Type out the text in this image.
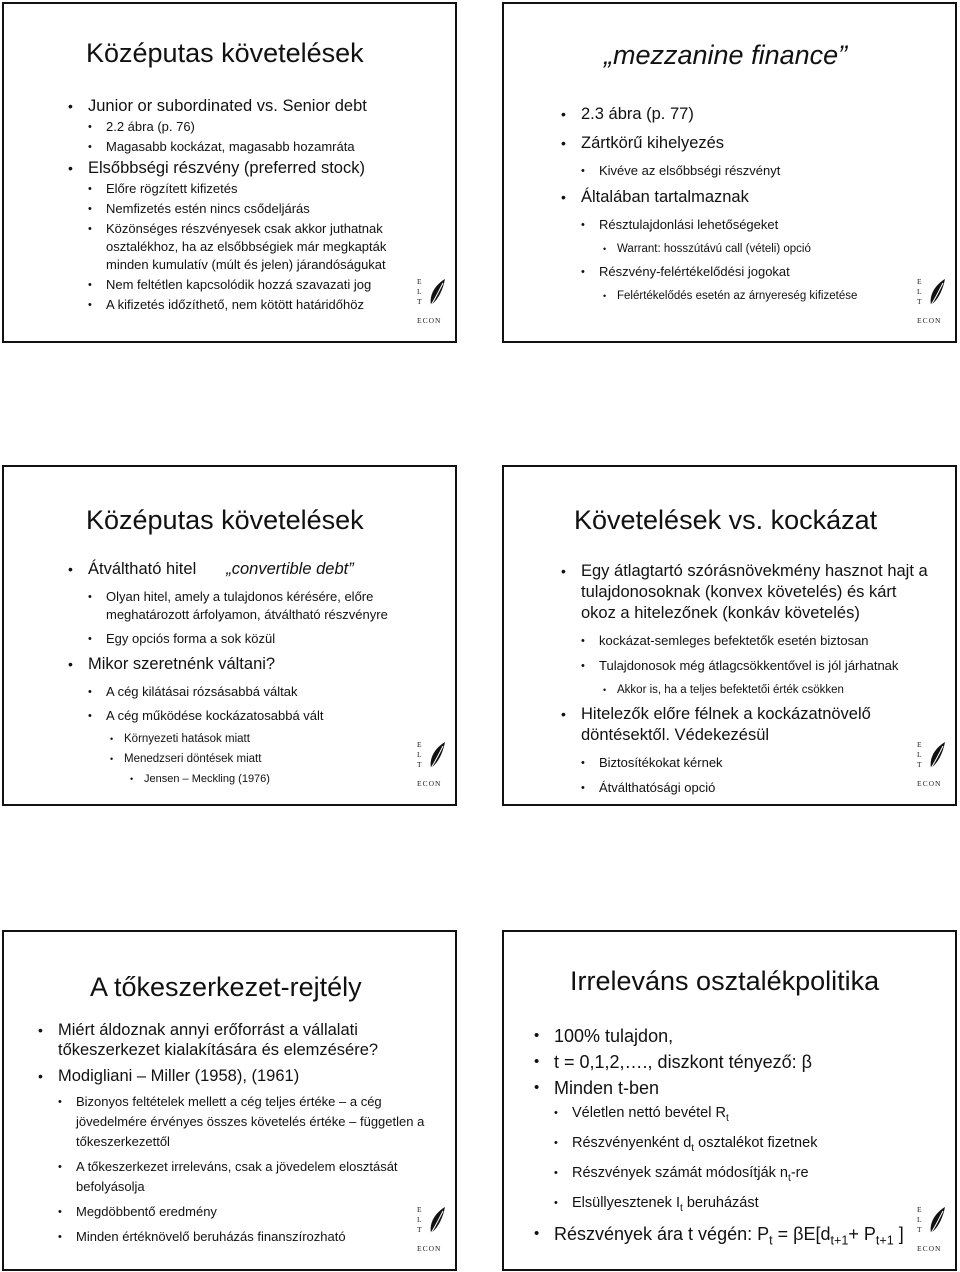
Középutas követelések
• Junior or subordinated vs. Senior debt
• 2.2 ábra (p. 76)
• Magasabb kockázat, magasabb hozamráta
• Elsőbbségi részvény (preferred stock)
• Előre rögzített kifizetés
• Nemfizetés estén nincs csődeljárás
• Közönséges részvényesek csak akkor juthatnak osztalékhoz, ha az elsőbbségiek már megkapták minden kumulatív (múlt és jelen) járandóságukat
• Nem feltétlen kapcsolódik hozzá szavazati jog
• A kifizetés időzíthető, nem kötött határidőhöz
E
L
T
ECON
„mezzanine finance”
• 2.3 ábra (p. 77)
• Zártkörű kihelyezés
• Kivéve az elsőbbségi részvényt
• Általában tartalmaznak
• Résztulajdonlási lehetőségeket
• Warrant: hosszútávú call (vételi) opció
• Részvény-felértékelődési jogokat
• Felértékelődés esetén az árnyereség kifizetése
E
L
T
ECON
Középutas követelések
• Átváltható hitel „convertible debt”
• Olyan hitel, amely a tulajdonos kérésére, előre meghatározott árfolyamon, átváltható részvényre
• Egy opciós forma a sok közül
• Mikor szeretnénk váltani?
• A cég kilátásai rózsásabbá váltak
• A cég működése kockázatosabbá vált
• Környezeti hatások miatt
• Menedzseri döntések miatt
• Jensen – Meckling (1976)
E
L
T
ECON
Követelések vs. kockázat
• Egy átlagtartó szórásnövekmény hasznot hajt a tulajdonosoknak (konvex követelés) és kárt okoz a hitelezőnek (konkáv követelés)
• kockázat-semleges befektetők esetén biztosan
• Tulajdonosok még átlagcsökkentővel is jól járhatnak
• Akkor is, ha a teljes befektetői érték csökken
• Hitelezők előre félnek a kockázatnövelő döntésektől. Védekezésül
• Biztosítékokat kérnek
• Átválthatósági opció
E
L
T
ECON
A tőkeszerkezet-rejtély
• Miért áldoznak annyi erőforrást a vállalati tőkeszerkezet kialakítására és elemzésére?
• Modigliani – Miller (1958), (1961)
• Bizonyos feltételek mellett a cég teljes értéke – a cég jövedelmére érvényes összes követelés értéke – független a tőkeszerkezettől
• A tőkeszerkezet irreleváns, csak a jövedelem elosztását befolyásolja
• Megdöbbentő eredmény
• Minden értéknövelő beruházás finanszírozható
E
L
T
ECON
Irreleváns osztalékpolitika
• 100% tulajdon,
• t = 0,1,2,…., diszkont tényező: β
• Minden t-ben
• Véletlen nettó bevétel $R_t$
• Részvényenként $d_t$ osztalékot fizetnek
• Részvények számát módosítják $n_t-re$
• Elsüllyesztenek $I_t$ beruházást
• Részvények ára t végén: $P_t = \beta E[d_{t+1}+ P_{t+1}$ ]
E
L
T
ECON
